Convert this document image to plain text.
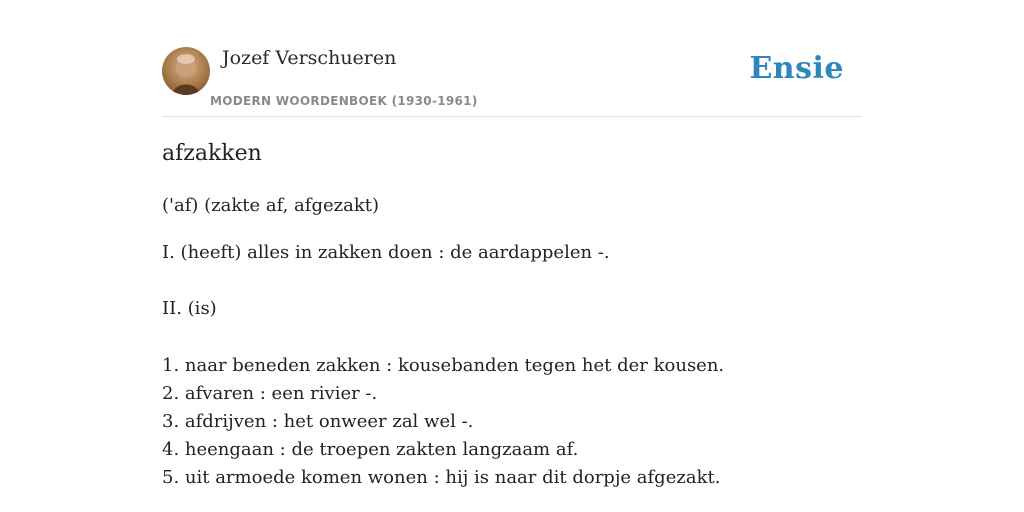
Jozef Verschueren
MODERN WOORDENBOEK (1930-1961)
Ensie
afzakken
('af) (zakte af, afgezakt)
I. (heeft) alles in zakken doen : de aardappelen -.
II. (is)
1. naar beneden zakken : kousebanden tegen het der kousen.
2. afvaren : een rivier -.
3. afdrijven : het onweer zal wel -.
4. heengaan : de troepen zakten langzaam af.
5. uit armoede komen wonen : hij is naar dit dorpje afgezakt.
